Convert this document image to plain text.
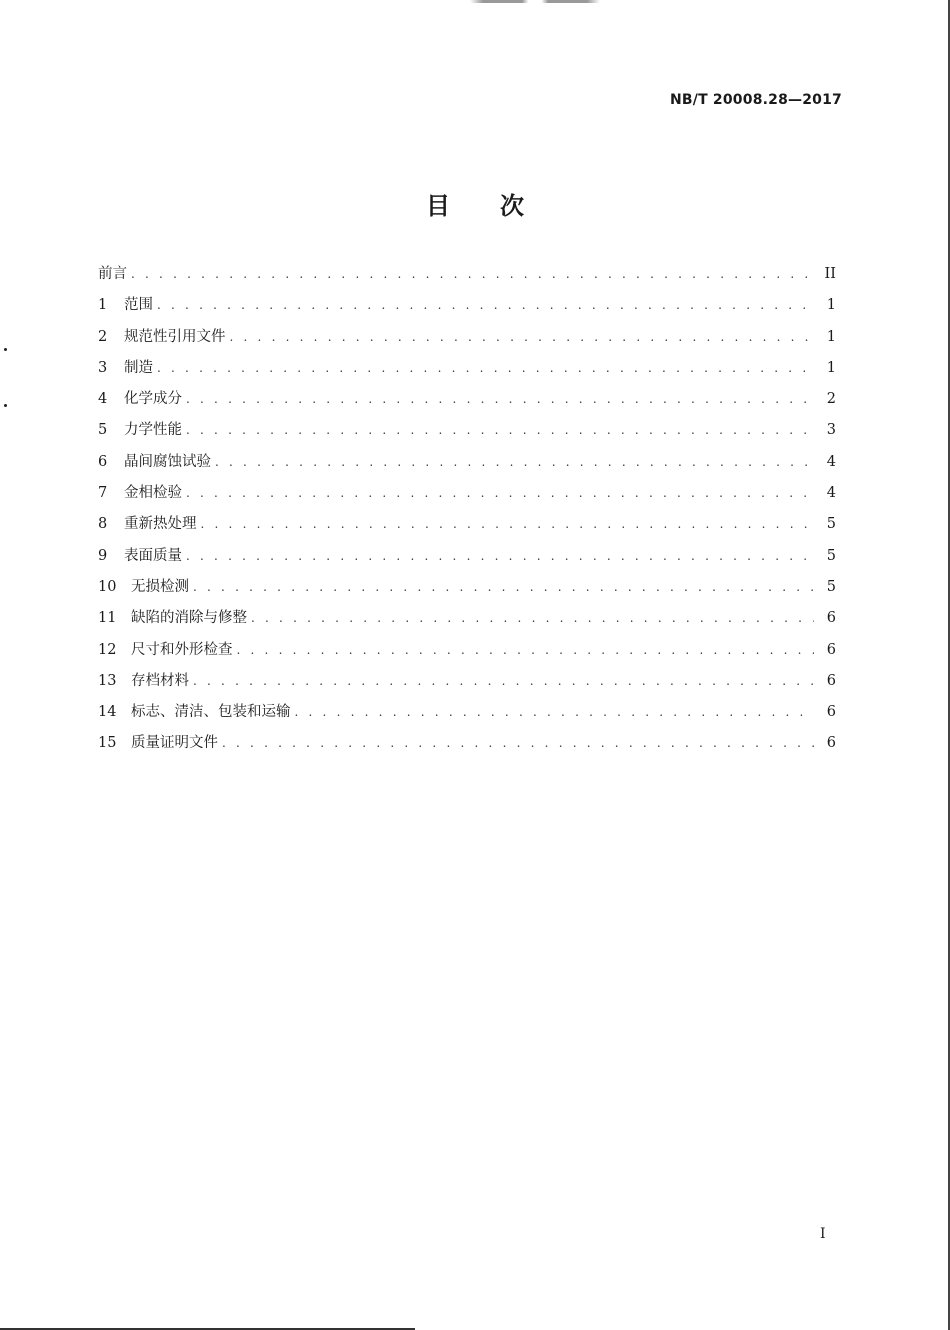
NB/T 20008.28—2017
目 次
前言 . . .	II
1	范围 . . .	1
2	规范性引用文件 . . .	1
3	制造 . . .	1
4	化学成分 . . .	2
5	力学性能 . . .	3
6	晶间腐蚀试验 . . .	4
7	金相检验 . . .	4
8	重新热处理 . . .	5
9	表面质量 . . .	5
10	无损检测 . . .	5
11	缺陷的消除与修整 . . .	6
12	尺寸和外形检查 . . .	6
13	存档材料 . . .	6
14	标志、清洁、包装和运输 . . .	6
15	质量证明文件 . . .	6
I
